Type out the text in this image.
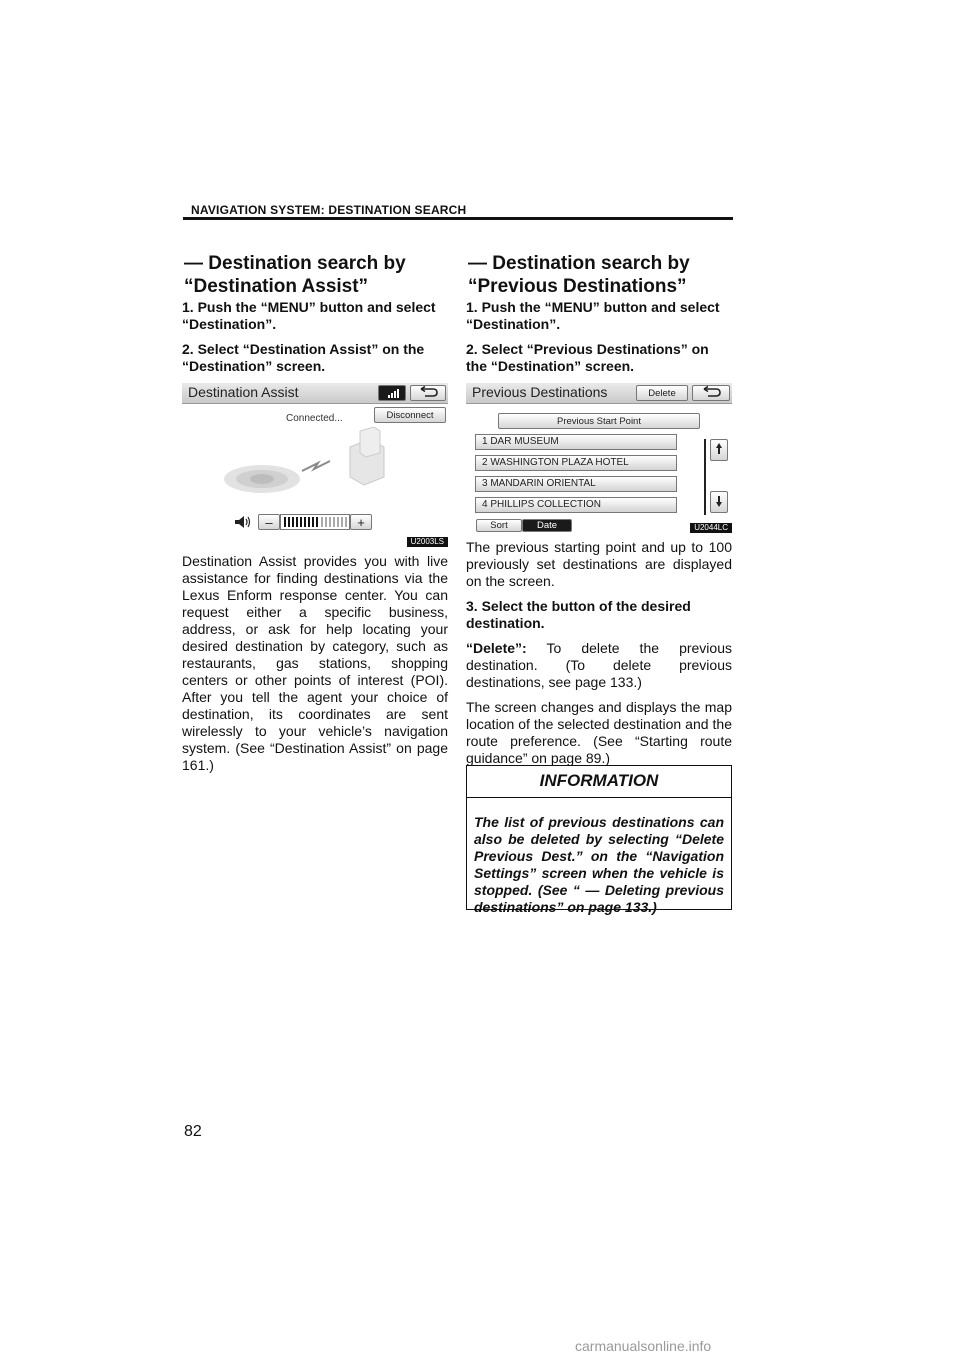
NAVIGATION SYSTEM: DESTINATION SEARCH
— Destination search by
“Destination Assist”
— Destination search by
“Previous Destinations”

1. Push the “MENU” button and select “Destination”.

2. Select “Destination Assist” on the “Destination” screen.

Destination Assist
Connected...	Disconnect
–	+
U2003LS

Destination Assist provides you with live assistance for finding destinations via the Lexus Enform response center. You can request either a specific business, address, or ask for help locating your desired destination by category, such as restaurants, gas stations, shopping centers or other points of interest (POI). After you tell the agent your choice of destination, its coordinates are sent wirelessly to your vehicle’s navigation system. (See “Destination Assist” on page 161.)

1. Push the “MENU” button and select “Destination”.

2. Select “Previous Destinations” on the “Destination” screen.

Previous Destinations	Delete
Previous Start Point
1 DAR MUSEUM
2 WASHINGTON PLAZA HOTEL
3 MANDARIN ORIENTAL
4 PHILLIPS COLLECTION
Sort	Date	U2044LC

The previous starting point and up to 100 previously set destinations are displayed on the screen.

3. Select the button of the desired destination.

“Delete”: To delete the previous destination. (To delete previous destinations, see page 133.)

The screen changes and displays the map location of the selected destination and the route preference. (See “Starting route guidance” on page 89.)

INFORMATION
The list of previous destinations can also be deleted by selecting “Delete Previous Dest.” on the “Navigation Settings” screen when the vehicle is stopped. (See “ — Deleting previous destinations” on page 133.)
82
carmanualsonline.info
